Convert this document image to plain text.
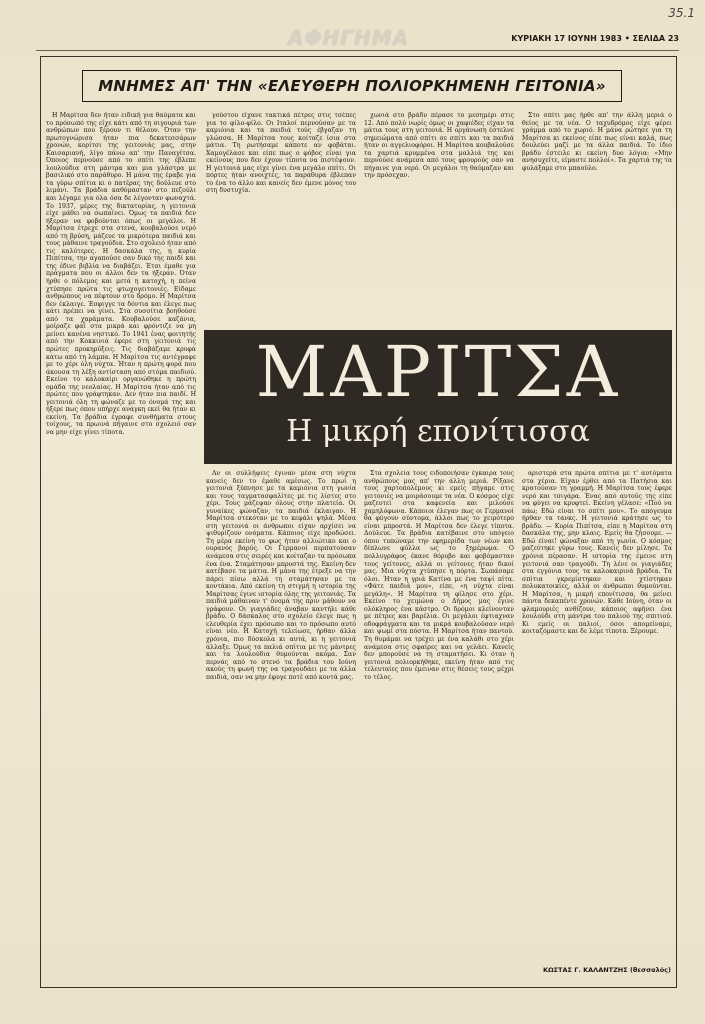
35.1
ΑΦΗΓΗΜΑ	ΚΥΡΙΑΚΗ 17 ΙΟΥΝΗ 1983 • ΣΕΛΙΔΑ 23
ΜΝΗΜΕΣ ΑΠ' ΤΗΝ «ΕΛΕΥΘΕΡΗ ΠΟΛΙΟΡΚΗΜΕΝΗ ΓΕΙΤΟΝΙΑ»

Η Μαρίτσα δεν ήταν ειδική για θαύματα και το πρόσωπό της είχε κάτι από τη σιγουριά των ανθρώπων που ξέρουν τι θέλουν. Όταν την πρωτογνώρισα ήταν πια δεκατεσσάρων χρονών, κορίτσι της γειτονιάς μας, στην Καισαριανή, λίγο πάνω απ' την Παναγίτσα. Όποιος περνούσε από το σπίτι της έβλεπε λουλούδια στη μάντρα και μια γλάστρα με βασιλικό στο παράθυρο. Η μάνα της έραβε για τα γύρω σπίτια κι ο πατέρας της δούλευε στο λιμάνι. Τα βράδια καθόμασταν στο πεζούλι και λέγαμε για όλα όσα δε λέγονταν φωναχτά. Το 1937, μέρες της δικτατορίας, η γειτονιά είχε μάθει να σωπαίνει. Όμως τα παιδιά δεν ήξεραν να φοβούνται όπως οι μεγάλοι. Η Μαρίτσα έτρεχε στα στενά, κουβαλούσε νερό από τη βρύση, μάζευε τα μικρότερα παιδιά και τους μάθαινε τραγούδια. Στο σχολειό ήταν από τις καλύτερες. Η δασκάλα της, η κυρία Πιπίτσα, την αγαπούσε σαν δικό της παιδί και της έδινε βιβλία να διαβάζει. Έτσι έμαθε για πράγματα που οι άλλοι δεν τα ήξεραν. Όταν ήρθε ο πόλεμος και μετά η κατοχή, η πείνα χτύπησε πρώτα τις φτωχογειτονιές. Είδαμε ανθρώπους να πέφτουν στο δρόμο. Η Μαρίτσα δεν έκλαιγε. Έσφιγγε τα δόντια και έλεγε πως κάτι πρέπει να γίνει. Στα συσσίτια βοηθούσε από τα χαράματα. Κουβαλούσε καζάνια, μοίραζε φαΐ στα μικρά και φρόντιζε να μη μείνει κανένα νηστικό. Το 1941 ένας φοιτητής από την Κοκκινιά έφερε στη γειτονιά τις πρώτες προκηρύξεις. Τις διαβάζαμε κρυφά κάτω από τη λάμπα. Η Μαρίτσα τις αντέγραφε με το χέρι όλη νύχτα. Ήταν η πρώτη φορά που άκουσα τη λέξη αντίσταση από στόμα παιδιού. Εκείνο το καλοκαίρι οργανώθηκε η πρώτη ομάδα της νεολαίας. Η Μαρίτσα ήταν από τις πρώτες που γράφτηκαν. Δεν ήταν πια παιδί. Η γειτονιά όλη τη φώναζε με το όνομά της και ήξερε πως όπου υπήρχε ανάγκη εκεί θα ήταν κι εκείνη. Τα βράδια έγραφε συνθήματα στους τοίχους, τα πρωινά πήγαινε στο σχολειό σαν να μην είχε γίνει τίποτα.

γούστου είχανε τακτικά πέτρες στις τσέπες για το φίλο-φίλο. Οι Ιταλοί περνούσαν με τα καμιόνια και τα παιδιά τούς έβγαζαν τη γλώσσα. Η Μαρίτσα τους κοίταζε ίσια στα μάτια. Τη ρωτήσαμε κάποτε αν φοβάται. Χαμογέλασε και είπε πως ο φόβος είναι για εκείνους που δεν έχουν τίποτα να πιστέψουν. Η γειτονιά μας είχε γίνει ένα μεγάλο σπίτι. Οι πόρτες ήταν ανοιχτές, τα παράθυρα έβλεπαν το ένα το άλλο και κανείς δεν έμενε μόνος του στη δυστυχία.

χωνιά στο βράδυ πέρασε το μεσημέρι στις 12. Από πολύ νωρίς όμως οι χαφιέδες είχαν τα μάτια τους στη γειτονιά. Η οργάνωση έστελνε σημειώματα από σπίτι σε σπίτι και τα παιδιά ήταν οι αγγελιοφόροι. Η Μαρίτσα κουβαλούσε τα χαρτιά κρυμμένα στα μαλλιά της και περνούσε ανάμεσα από τους φρουρούς σαν να πήγαινε για νερό. Οι μεγάλοι τη θαύμαζαν και την πρόσεχαν.

Στο σπίτι μας ήρθε απ' την άλλη μεριά ο θείος με τα νέα. Ο ταχυδρόμος είχε φέρει γράμμα από το χωριό. Η μάνα ρώτησε για τη Μαρίτσα κι εκείνος είπε πως είναι καλά, πως δουλεύει μαζί με τα άλλα παιδιά. Το ίδιο βράδυ έστειλε κι εκείνη δυο λόγια: «Μην ανησυχείτε, είμαστε πολλοί». Τα χαρτιά της τα φυλάξαμε στο μπαούλο.

ΜΑΡΙΤΣΑ
Η μικρή επονίτισσα

Αν οι συλλήψεις έγιναν μέσα στη νύχτα κανείς δεν το έμαθε αμέσως. Το πρωί η γειτονιά ξύπνησε με τα καμιόνια στη γωνία και τους ταγματασφαλίτες με τις λίστες στο χέρι. Τους μάζεψαν όλους στην πλατεία. Οι γυναίκες φώναζαν, τα παιδιά έκλαιγαν. Η Μαρίτσα στεκόταν με το κεφάλι ψηλά. Μέσα στη γειτονιά οι άνθρωποι είχαν αρχίσει να ψιθυρίζουν ονόματα. Κάποιος είχε προδώσει. Τη μέρα εκείνη το φως ήταν αλλιώτικο και ο ουρανός βαρύς. Οι Γερμανοί περπατούσαν ανάμεσα στις σειρές και κοίταζαν τα πρόσωπα ένα ένα. Σταμάτησαν μπροστά της. Εκείνη δεν κατέβασε τα μάτια. Η μάνα της έτρεξε να την πάρει πίσω αλλά τη σταμάτησαν με τα κοντάκια. Από εκείνη τη στιγμή η ιστορία της Μαρίτσας έγινε ιστορία όλης της γειτονιάς. Τα παιδιά μάθαιναν τ' όνομά της πριν μάθουν να γράφουν. Οι γιαγιάδες άναβαν καντήλι κάθε βράδυ. Ο δάσκαλος στο σχολείο έλεγε πως η ελευθερία έχει πρόσωπο και το πρόσωπο αυτό είναι νέο. Η Κατοχή τελείωσε, ήρθαν άλλα χρόνια, πιο δύσκολα κι αυτά, κι η γειτονιά άλλαξε. Όμως τα παλιά σπίτια με τις μάντρες και τα λουλούδια θυμούνται ακόμα. Σαν περνάς από το στενό τα βράδια του Ιούνη ακούς τη φωνή της να τραγουδάει με τα άλλα παιδιά, σαν να μην έφυγε ποτέ από κοντά μας.

Στα σχολεία τους ειδοποιήσαν έγκαιρα τους ανθρώπους μας απ' την άλλη μεριά. Ρίξανε τους χαρτοπολέμους κι εμείς πήγαμε στις γειτονιές να μοιράσουμε τα νέα. Ο κόσμος είχε μαζευτεί στα καφενεία και μιλούσε χαμηλόφωνα. Κάποιοι έλεγαν πως οι Γερμανοί θα φύγουν σύντομα, άλλοι πως το χειρότερο είναι μπροστά. Η Μαρίτσα δεν έλεγε τίποτα. Δούλευε. Τα βράδια κατέβαινε στο υπόγειο όπου τυπώναμε την εφημερίδα των νέων και δίπλωνε φύλλα ως το ξημέρωμα. Ο πολλυγράφος έκανε θόρυβο και φοβόμασταν τους γείτονες, αλλά οι γείτονες ήταν δικοί μας. Μια νύχτα χτύπησε η πόρτα. Σωπάσαμε όλοι. Ήταν η γριά Κατίνα με ένα ταψί πίτα. «Φάτε παιδιά μου», είπε, «η νύχτα είναι μεγάλη». Η Μαρίτσα τη φίλησε στο χέρι. Εκείνο το χειμώνα ο Δήμος μας έγινε ολόκληρος ένα κάστρο. Οι δρόμοι κλείνονταν με πέτρες και βαρέλια. Οι μεγάλοι έφτιαχναν οδοφράγματα και τα μικρά κουβαλούσαν νερό και ψωμί στα πόστα. Η Μαρίτσα ήταν παντού. Τη θυμάμαι να τρέχει με ένα καλάθι στο χέρι ανάμεσα στις σφαίρες και να γελάει. Κανείς δεν μπορούσε να τη σταματήσει. Κι όταν η γειτονιά πολιορκήθηκε, εκείνη ήταν από τις τελευταίες που έμειναν στις θέσεις τους μέχρι το τέλος.

αριστερά στα πρώτα σπίτια με τ' αυτόματα στα χέρια. Είχαν έρθει από τα Πατήσια και κρατούσαν τη γραμμή. Η Μαρίτσα τους έφερε νερό και τσιγάρα. Ένας από αυτούς της είπε να φύγει να κρυφτεί. Εκείνη γέλασε: «Πού να πάω; Εδώ είναι το σπίτι μου». Το απόγευμα ήρθαν τα τανκς. Η γειτονιά κράτησε ως το βράδυ. — Κυρία Πιπίτσα, είπε η Μαρίτσα στη δασκάλα της, μην κλαις. Εμείς θα ζήσουμε. — Εδώ είναι! φώναξαν από τη γωνία. Ο κόσμος μαζεύτηκε γύρω τους. Κανείς δεν μίλησε. Τα χρόνια πέρασαν. Η ιστορία της έμεινε στη γειτονιά σαν τραγούδι. Τη λένε οι γιαγιάδες στα εγγόνια τους τα καλοκαιρινά βράδια. Τα σπίτια γκρεμίστηκαν και χτίστηκαν πολυκατοικίες, αλλά οι άνθρωποι θυμούνται. Η Μαρίτσα, η μικρή επονίτισσα, θα μείνει πάντα δεκαπέντε χρονών. Κάθε Ιούνη, όταν οι φλαμουριές ανθίζουν, κάποιος αφήνει ένα λουλούδι στη μάντρα του παλιού της σπιτιού. Κι εμείς οι παλιοί, όσοι απομείναμε, κοιταζόμαστε και δε λέμε τίποτα. Ξέρουμε.

ΚΩΣΤΑΣ Γ. ΚΑΛΑΝΤΖΗΣ (θεσσαλός)
